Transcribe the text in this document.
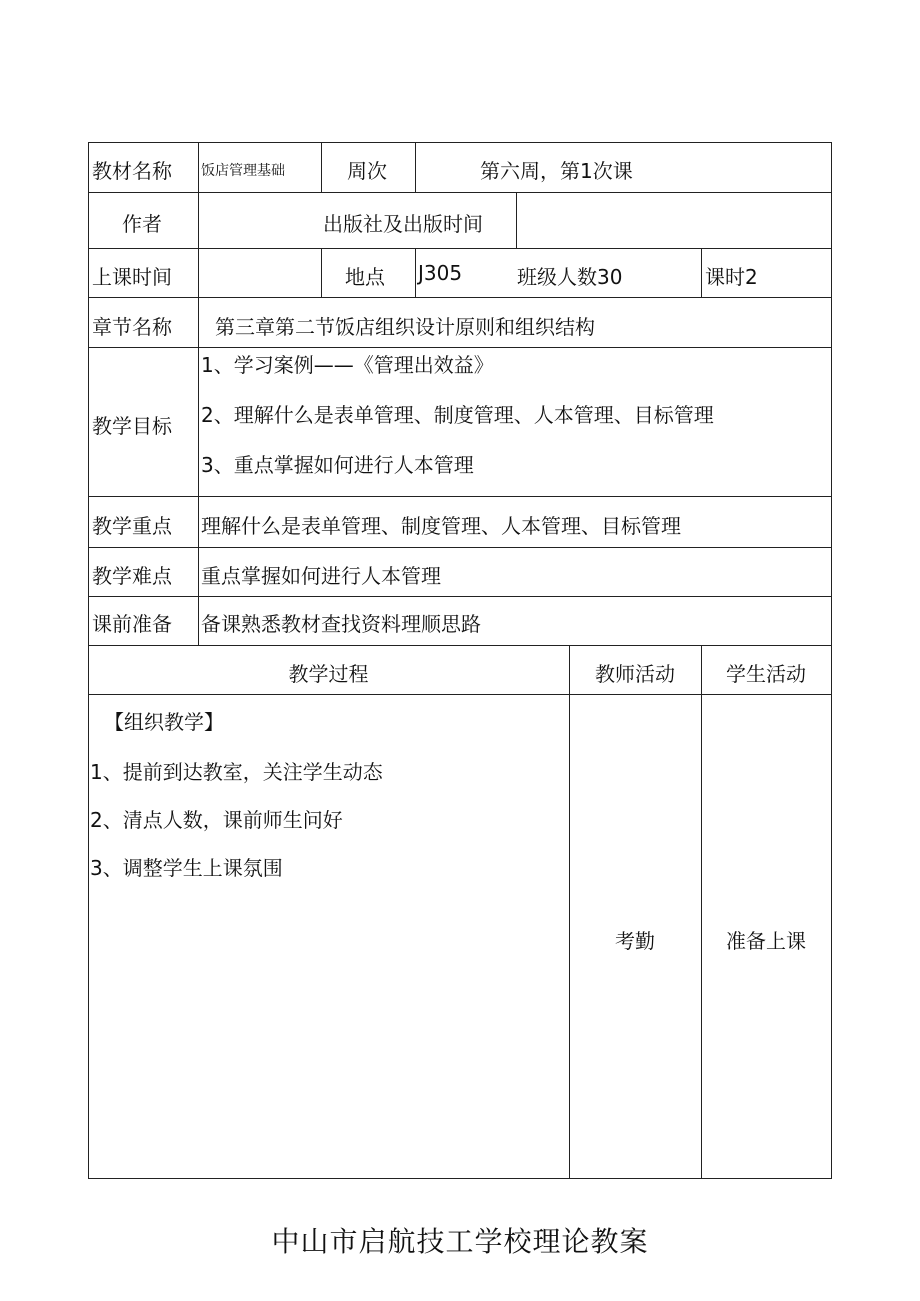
教材名称 饭店管理基础	周次	第六周，第1次课
作者	出版社及出版时间
上课时间	地点 J305	班级人数30	课时2
章节名称 第三章第二节饭店组织设计原则和组织结构
教学目标
1、学习案例——《管理出效益》
2、理解什么是表单管理、制度管理、人本管理、目标管理
3、重点掌握如何进行人本管理
教学重点 理解什么是表单管理、制度管理、人本管理、目标管理
教学难点 重点掌握如何进行人本管理
课前准备 备课熟悉教材查找资料理顺思路
教学过程	教师活动	学生活动
【组织教学】
1、提前到达教室，关注学生动态
2、清点人数，课前师生问好
3、调整学生上课氛围
考勤	准备上课
中山市启航技工学校理论教案
